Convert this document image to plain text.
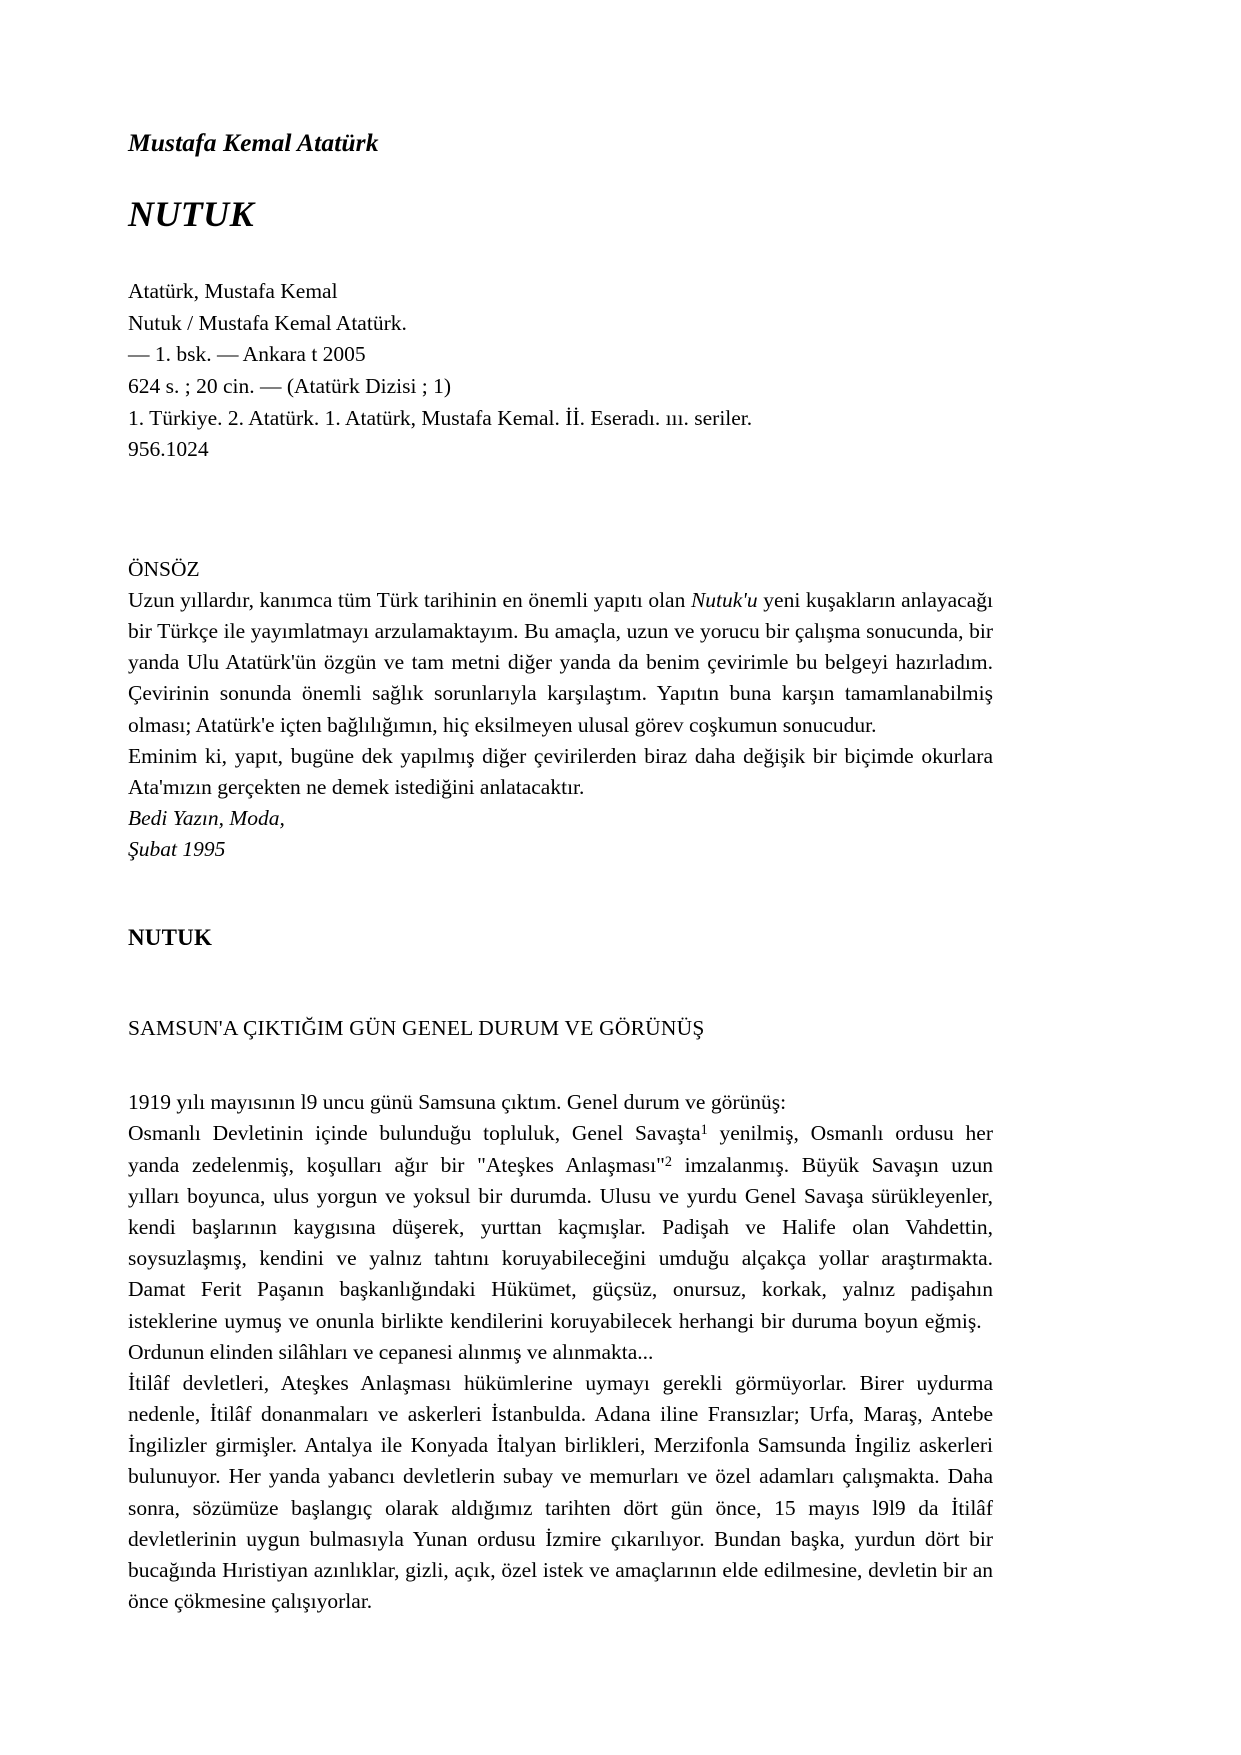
Mustafa Kemal Atatürk
NUTUK
Atatürk, Mustafa Kemal
Nutuk / Mustafa Kemal Atatürk.
— 1. bsk. — Ankara t 2005
624 s. ; 20 cin. — (Atatürk Dizisi ; 1)
1. Türkiye. 2. Atatürk. 1. Atatürk, Mustafa Kemal. İİ. Eseradı. ııı. seriler.
956.1024
ÖNSÖZ

Uzun yıllardır, kanımca tüm Türk tarihinin en önemli yapıtı olan Nutuk'u yeni kuşakların anlayacağı bir Türkçe ile yayımlatmayı arzulamaktayım. Bu amaçla, uzun ve yorucu bir çalışma sonucunda, bir yanda Ulu Atatürk'ün özgün ve tam metni diğer yanda da benim çevirimle bu belgeyi hazırladım. Çevirinin sonunda önemli sağlık sorunlarıyla karşılaştım. Yapıtın buna karşın tamamlanabilmiş olması; Atatürk'e içten bağlılığımın, hiç eksilmeyen ulusal görev coşkumun sonucudur.

Eminim ki, yapıt, bugüne dek yapılmış diğer çevirilerden biraz daha değişik bir biçimde okurlara Ata'mızın gerçekten ne demek istediğini anlatacaktır.

Bedi Yazın, Moda,
Şubat 1995
NUTUK
SAMSUN'A ÇIKTIĞIM GÜN GENEL DURUM VE GÖRÜNÜŞ

1919 yılı mayısının l9 uncu günü Samsuna çıktım. Genel durum ve görünüş:

Osmanlı Devletinin içinde bulunduğu topluluk, Genel Savaşta$^1$ yenilmiş, Osmanlı ordusu her yanda zedelenmiş, koşulları ağır bir "Ateşkes Anlaşması"$^2$ imzalanmış. Büyük Savaşın uzun yılları boyunca, ulus yorgun ve yoksul bir durumda. Ulusu ve yurdu Genel Savaşa sürükleyenler, kendi başlarının kaygısına düşerek, yurttan kaçmışlar. Padişah ve Halife olan Vahdettin, soysuzlaşmış, kendini ve yalnız tahtını koruyabileceğini umduğu alçakça yollar araştırmakta. Damat Ferit Paşanın başkanlığındaki Hükümet, güçsüz, onursuz, korkak, yalnız padişahın isteklerine uymuş ve onunla birlikte kendilerini koruyabilecek herhangi bir duruma boyun eğmiş.

Ordunun elinden silâhları ve cepanesi alınmış ve alınmakta...

İtilâf devletleri, Ateşkes Anlaşması hükümlerine uymayı gerekli görmüyorlar. Birer uydurma nedenle, İtilâf donanmaları ve askerleri İstanbulda. Adana iline Fransızlar; Urfa, Maraş, Antebe İngilizler girmişler. Antalya ile Konyada İtalyan birlikleri, Merzifonla Samsunda İngiliz askerleri bulunuyor. Her yanda yabancı devletlerin subay ve memurları ve özel adamları çalışmakta. Daha sonra, sözümüze başlangıç olarak aldığımız tarihten dört gün önce, 15 mayıs l9l9 da İtilâf devletlerinin uygun bulmasıyla Yunan ordusu İzmire çıkarılıyor. Bundan başka, yurdun dört bir bucağında Hıristiyan azınlıklar, gizli, açık, özel istek ve amaçlarının elde edilmesine, devletin bir an önce çökmesine çalışıyorlar.
